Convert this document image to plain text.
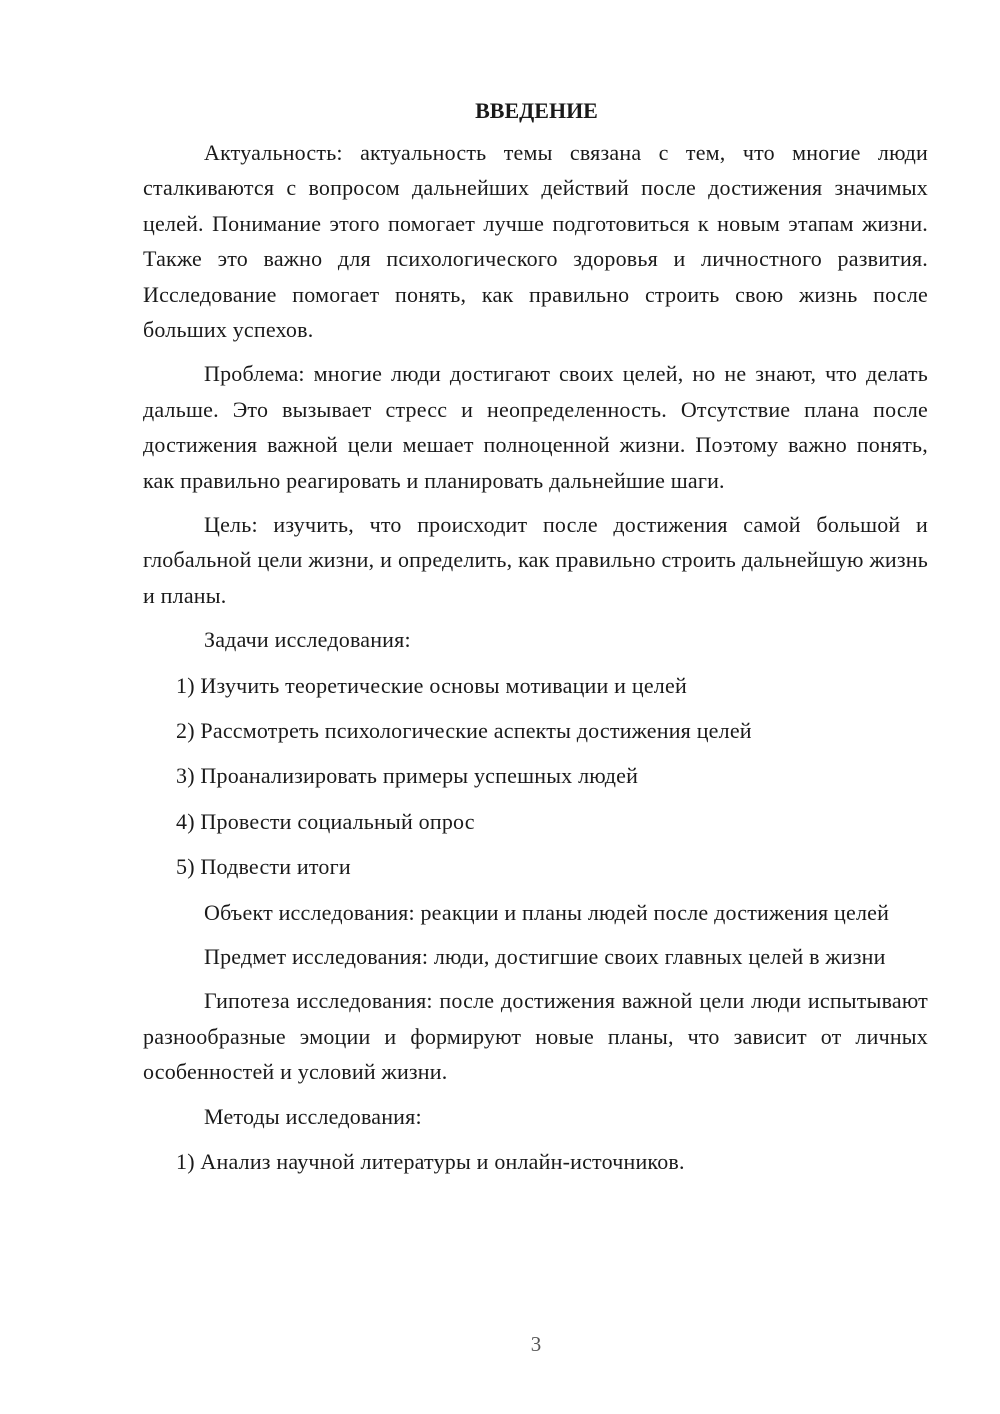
ВВЕДЕНИЕ

Актуальность: актуальность темы связана с тем, что многие люди сталкиваются с вопросом дальнейших действий после достижения значимых целей. Понимание этого помогает лучше подготовиться к новым этапам жизни. Также это важно для психологического здоровья и личностного развития. Исследование помогает понять, как правильно строить свою жизнь после больших успехов.

Проблема: многие люди достигают своих целей, но не знают, что делать дальше. Это вызывает стресс и неопределенность. Отсутствие плана после достижения важной цели мешает полноценной жизни. Поэтому важно понять, как правильно реагировать и планировать дальнейшие шаги.

Цель: изучить, что происходит после достижения самой большой и глобальной цели жизни, и определить, как правильно строить дальнейшую жизнь и планы.

Задачи исследования:
1) Изучить теоретические основы мотивации и целей
2) Рассмотреть психологические аспекты достижения целей
3) Проанализировать примеры успешных людей
4) Провести социальный опрос
5) Подвести итоги

Объект исследования: реакции и планы людей после достижения целей

Предмет исследования: люди, достигшие своих главных целей в жизни

Гипотеза исследования: после достижения важной цели люди испытывают разнообразные эмоции и формируют новые планы, что зависит от личных особенностей и условий жизни.

Методы исследования:
1) Анализ научной литературы и онлайн-источников.
3
